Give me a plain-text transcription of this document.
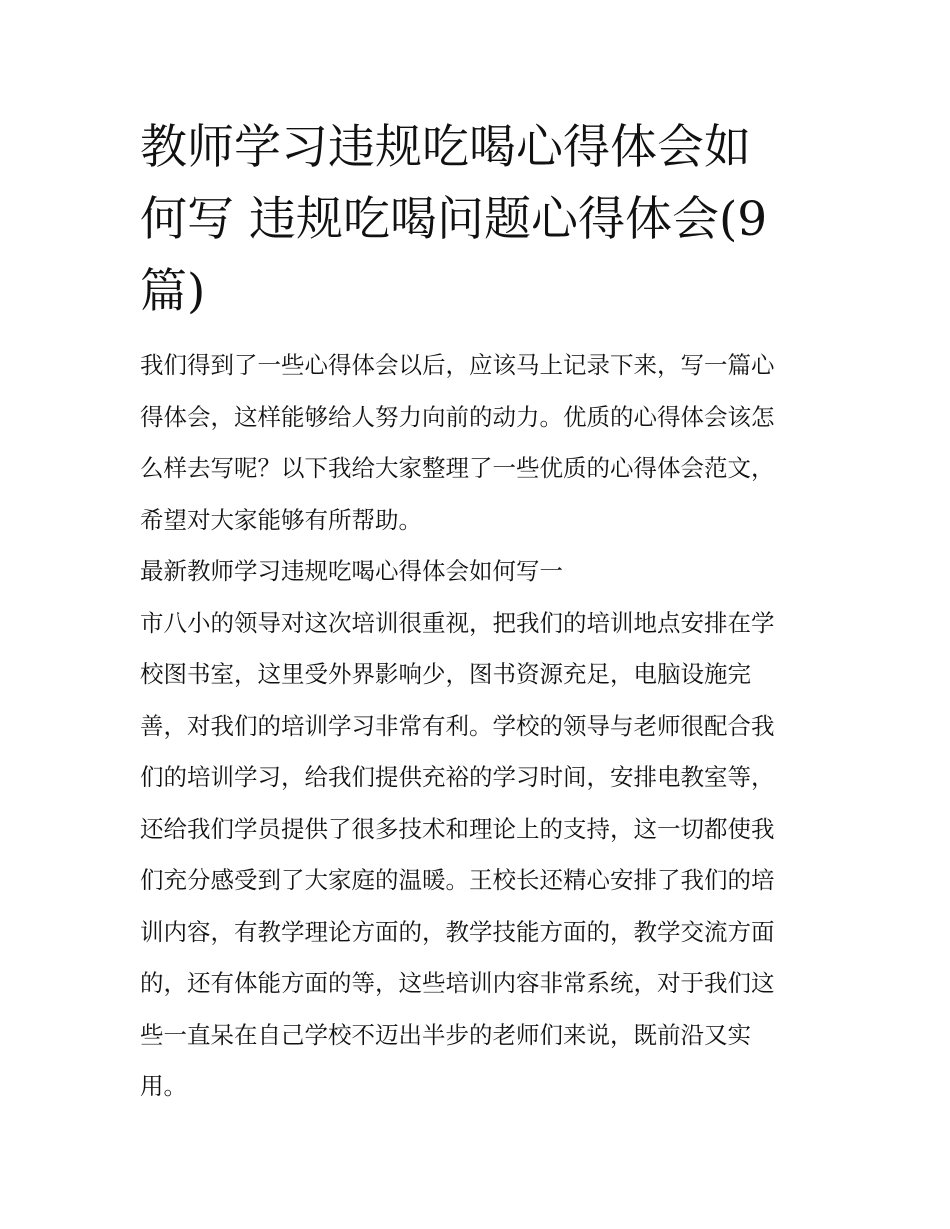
教师学习违规吃喝心得体会如
何写 违规吃喝问题心得体会(9
篇)

我们得到了一些心得体会以后，应该马上记录下来，写一篇心
得体会，这样能够给人努力向前的动力。优质的心得体会该怎
么样去写呢？以下我给大家整理了一些优质的心得体会范文，
希望对大家能够有所帮助。

最新教师学习违规吃喝心得体会如何写一

市八小的领导对这次培训很重视，把我们的培训地点安排在学
校图书室，这里受外界影响少，图书资源充足，电脑设施完
善，对我们的培训学习非常有利。学校的领导与老师很配合我
们的培训学习，给我们提供充裕的学习时间，安排电教室等，
还给我们学员提供了很多技术和理论上的支持，这一切都使我
们充分感受到了大家庭的温暖。王校长还精心安排了我们的培
训内容，有教学理论方面的，教学技能方面的，教学交流方面
的，还有体能方面的等，这些培训内容非常系统，对于我们这
些一直呆在自己学校不迈出半步的老师们来说，既前沿又实
用。
